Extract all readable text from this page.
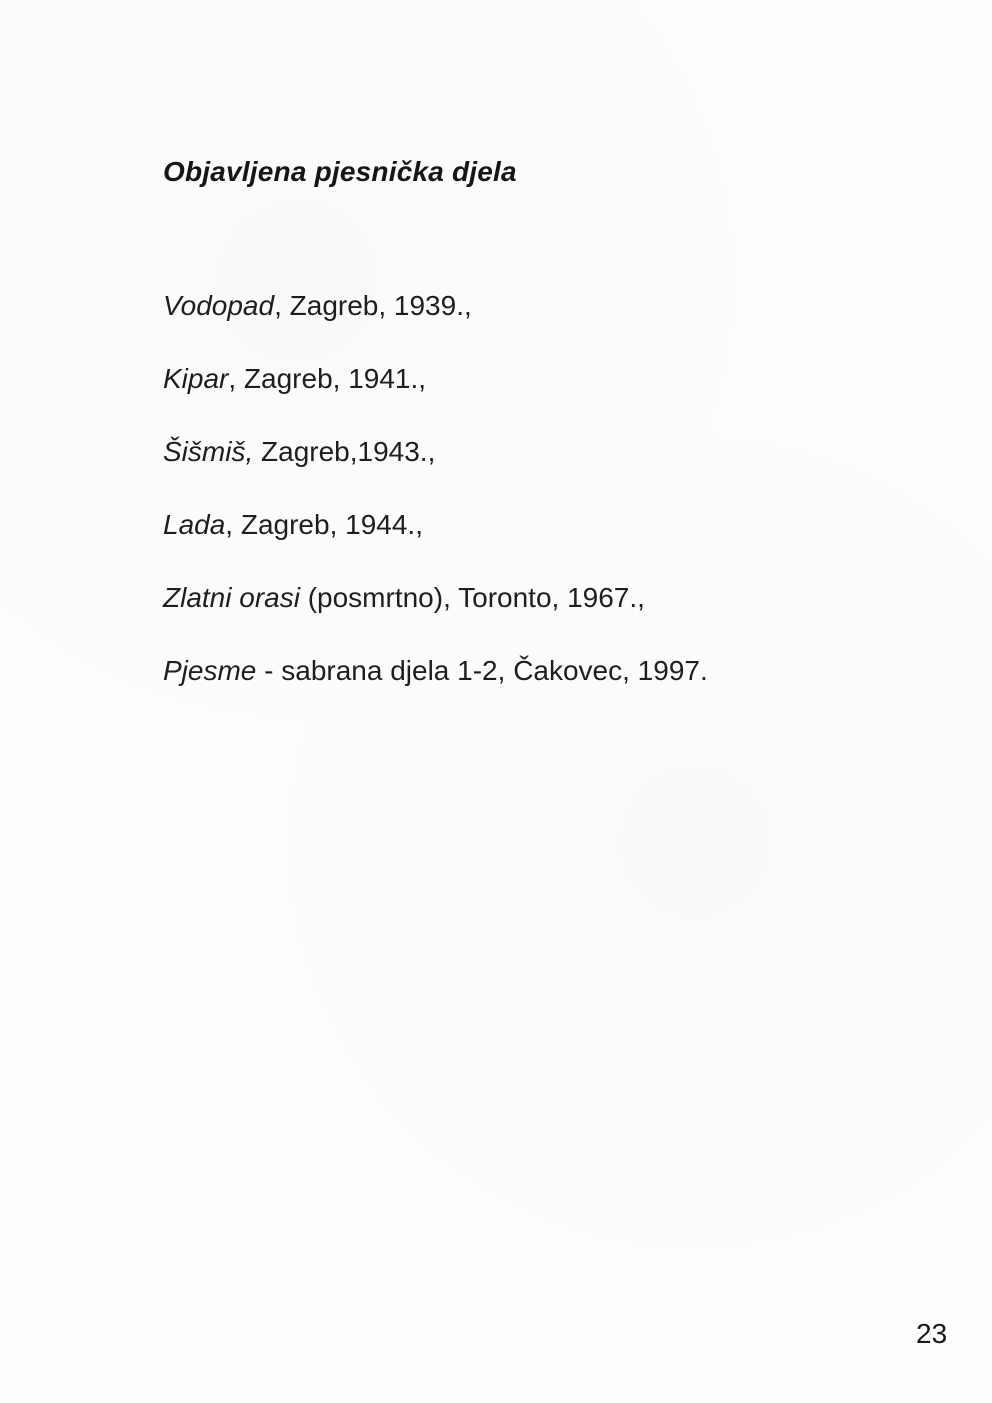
Objavljena pjesnička djela

Vodopad, Zagreb, 1939.,

Kipar, Zagreb, 1941.,

Šišmiš, Zagreb,1943.,

Lada, Zagreb, 1944.,

Zlatni orasi (posmrtno), Toronto, 1967.,

Pjesme - sabrana djela 1-2, Čakovec, 1997.

23
